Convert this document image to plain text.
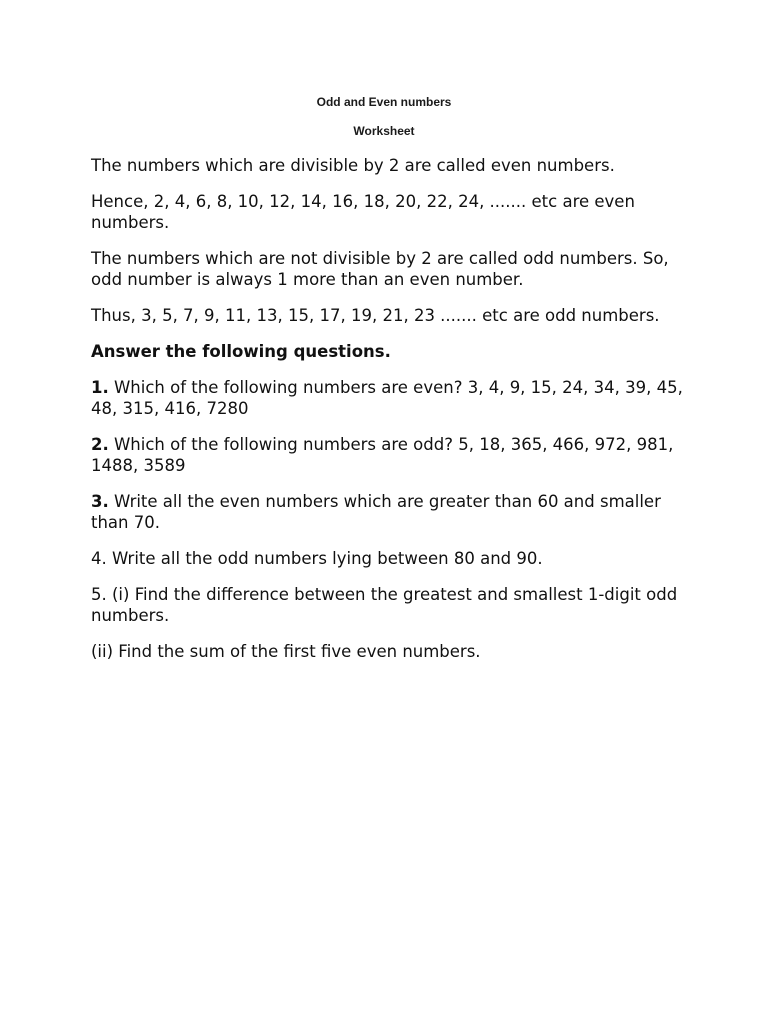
Odd and Even numbers
Worksheet

The numbers which are divisible by 2 are called even numbers.

Hence, 2, 4, 6, 8, 10, 12, 14, 16, 18, 20, 22, 24, ....... etc are even numbers.

The numbers which are not divisible by 2 are called odd numbers. So, odd number is always 1 more than an even number.

Thus, 3, 5, 7, 9, 11, 13, 15, 17, 19, 21, 23 ....... etc are odd numbers.

Answer the following questions.

1. Which of the following numbers are even? 3, 4, 9, 15, 24, 34, 39, 45, 48, 315, 416, 7280

2. Which of the following numbers are odd? 5, 18, 365, 466, 972, 981, 1488, 3589

3. Write all the even numbers which are greater than 60 and smaller than 70.

4. Write all the odd numbers lying between 80 and 90.

5. (i) Find the difference between the greatest and smallest 1-digit odd numbers.

(ii) Find the sum of the first five even numbers.
